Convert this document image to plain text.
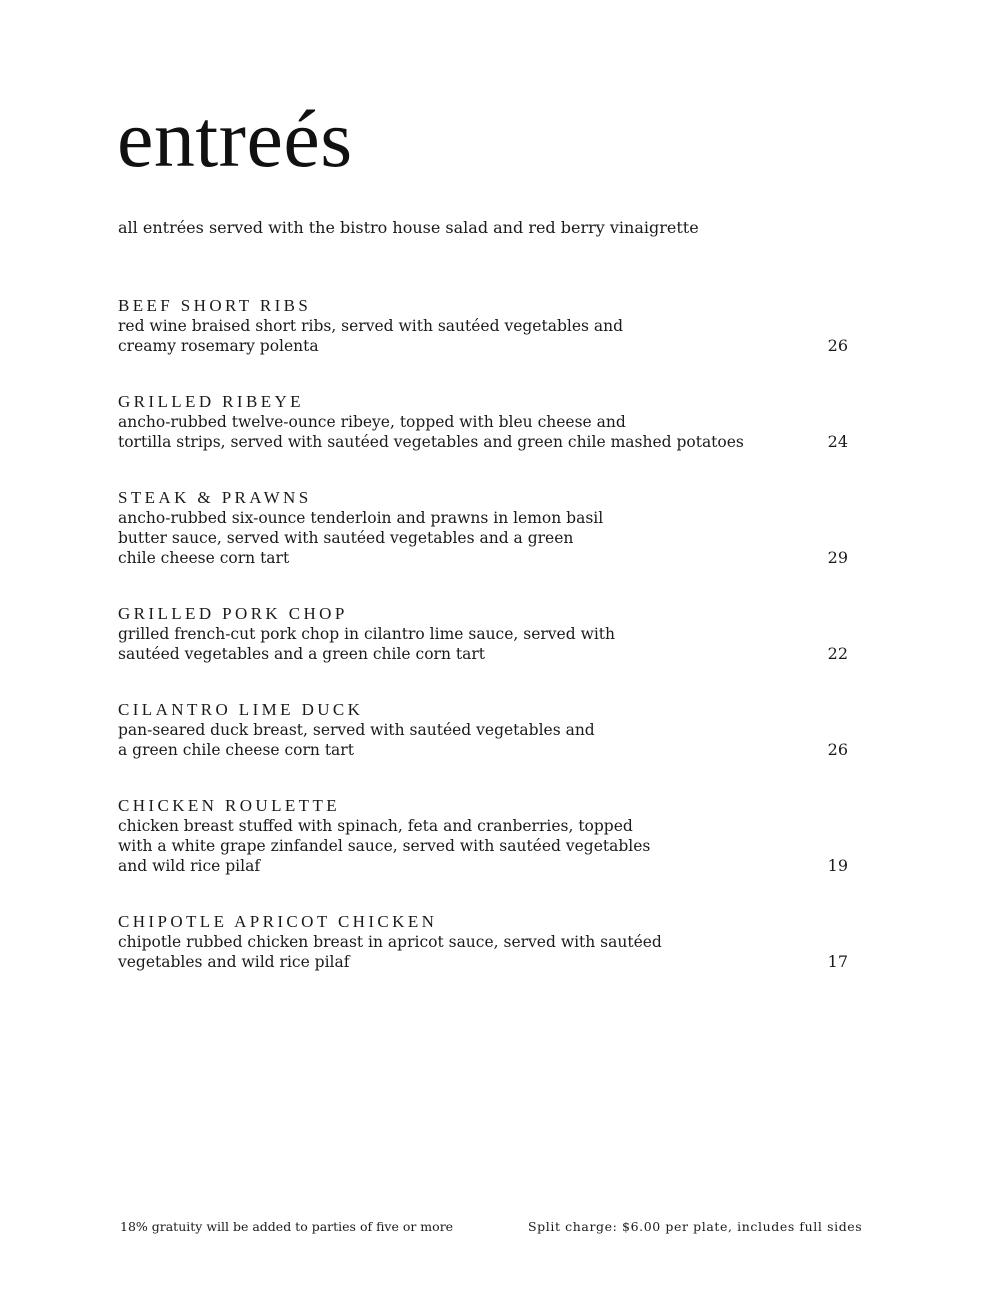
entreés

all entrées served with the bistro house salad and red berry vinaigrette

BEEF SHORT RIBS
red wine braised short ribs, served with sautéed vegetables and
creamy rosemary polenta	26
GRILLED RIBEYE
ancho-rubbed twelve-ounce ribeye, topped with bleu cheese and
tortilla strips, served with sautéed vegetables and green chile mashed potatoes	24
STEAK & PRAWNS
ancho-rubbed six-ounce tenderloin and prawns in lemon basil
butter sauce, served with sautéed vegetables and a green
chile cheese corn tart	29
GRILLED PORK CHOP
grilled french-cut pork chop in cilantro lime sauce, served with
sautéed vegetables and a green chile corn tart	22
CILANTRO LIME DUCK
pan-seared duck breast, served with sautéed vegetables and
a green chile cheese corn tart	26
CHICKEN ROULETTE
chicken breast stuffed with spinach, feta and cranberries, topped
with a white grape zinfandel sauce, served with sautéed vegetables
and wild rice pilaf	19
CHIPOTLE APRICOT CHICKEN
chipotle rubbed chicken breast in apricot sauce, served with sautéed
vegetables and wild rice pilaf	17
18% gratuity will be added to parties of five or more	Split charge: $6.00 per plate, includes full sides
